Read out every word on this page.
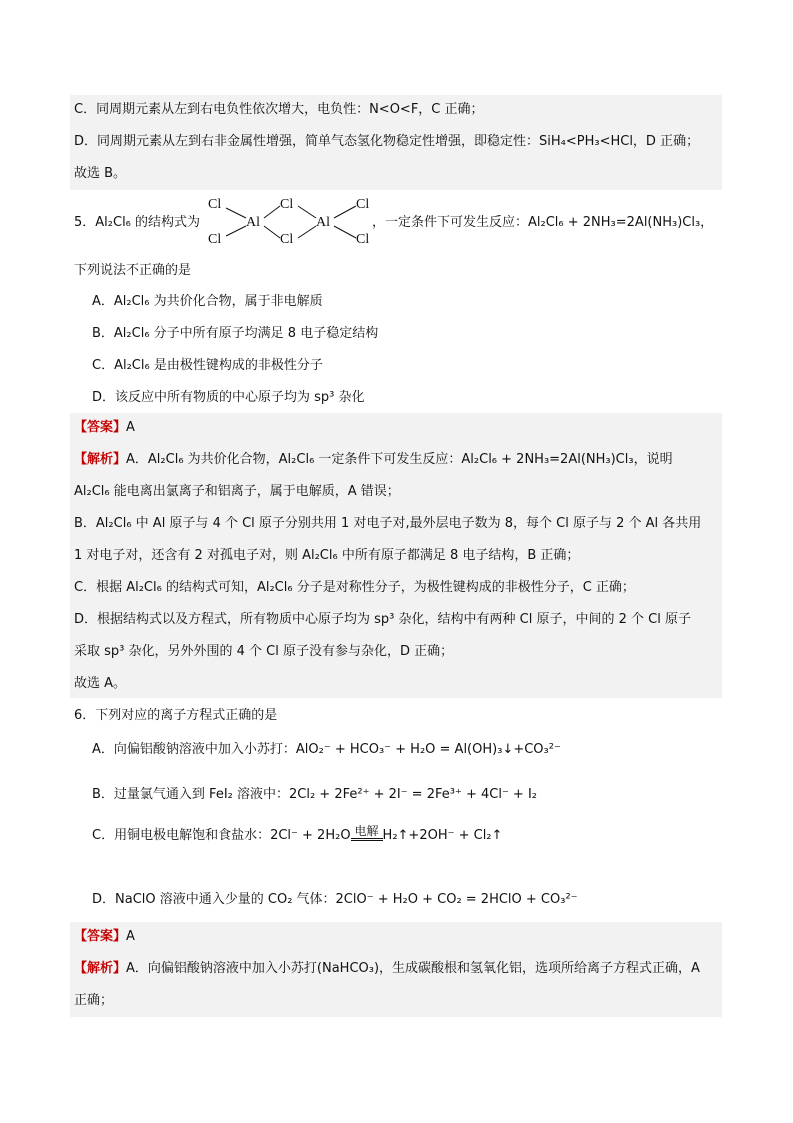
C．同周期元素从左到右电负性依次增大，电负性：N<O<F，C 正确；
D．同周期元素从左到右非金属性增强，简单气态氢化物稳定性增强，即稳定性：SiH₄<PH₃<HCl，D 正确；
故选 B。
5．Al₂Cl₆ 的结构式为
Cl
Cl
Al
Cl
Cl
Al
Cl
Cl
，一定条件下可发生反应：Al₂Cl₆ + 2NH₃=2Al(NH₃)Cl₃，
下列说法不正确的是
A．Al₂Cl₆ 为共价化合物，属于非电解质
B．Al₂Cl₆ 分子中所有原子均满足 8 电子稳定结构
C．Al₂Cl₆ 是由极性键构成的非极性分子
D．该反应中所有物质的中心原子均为 sp³ 杂化
【答案】A
【解析】A．Al₂Cl₆ 为共价化合物，Al₂Cl₆ 一定条件下可发生反应：Al₂Cl₆ + 2NH₃=2Al(NH₃)Cl₃，说明
Al₂Cl₆ 能电离出氯离子和铝离子，属于电解质，A 错误；
B．Al₂Cl₆ 中 Al 原子与 4 个 Cl 原子分别共用 1 对电子对,最外层电子数为 8，每个 Cl 原子与 2 个 Al 各共用
1 对电子对，还含有 2 对孤电子对，则 Al₂Cl₆ 中所有原子都满足 8 电子结构，B 正确；
C．根据 Al₂Cl₆ 的结构式可知，Al₂Cl₆ 分子是对称性分子，为极性键构成的非极性分子，C 正确；
D．根据结构式以及方程式，所有物质中心原子均为 sp³ 杂化，结构中有两种 Cl 原子，中间的 2 个 Cl 原子
采取 sp³ 杂化，另外外围的 4 个 Cl 原子没有参与杂化，D 正确；
故选 A。
6．下列对应的离子方程式正确的是
A．向偏铝酸钠溶液中加入小苏打：AlO₂⁻ + HCO₃⁻ + H₂O = Al(OH)₃↓+CO₃²⁻
B．过量氯气通入到 FeI₂ 溶液中：2Cl₂ + 2Fe²⁺ + 2I⁻ = 2Fe³⁺ + 4Cl⁻ + I₂
C．用铜电极电解饱和食盐水：2Cl⁻ + 2H₂O 电解 H₂↑+2OH⁻ + Cl₂↑
D．NaClO 溶液中通入少量的 CO₂ 气体：2ClO⁻ + H₂O + CO₂ = 2HClO + CO₃²⁻
【答案】A
【解析】A．向偏铝酸钠溶液中加入小苏打(NaHCO₃)，生成碳酸根和氢氧化铝，选项所给离子方程式正确，A
正确；
